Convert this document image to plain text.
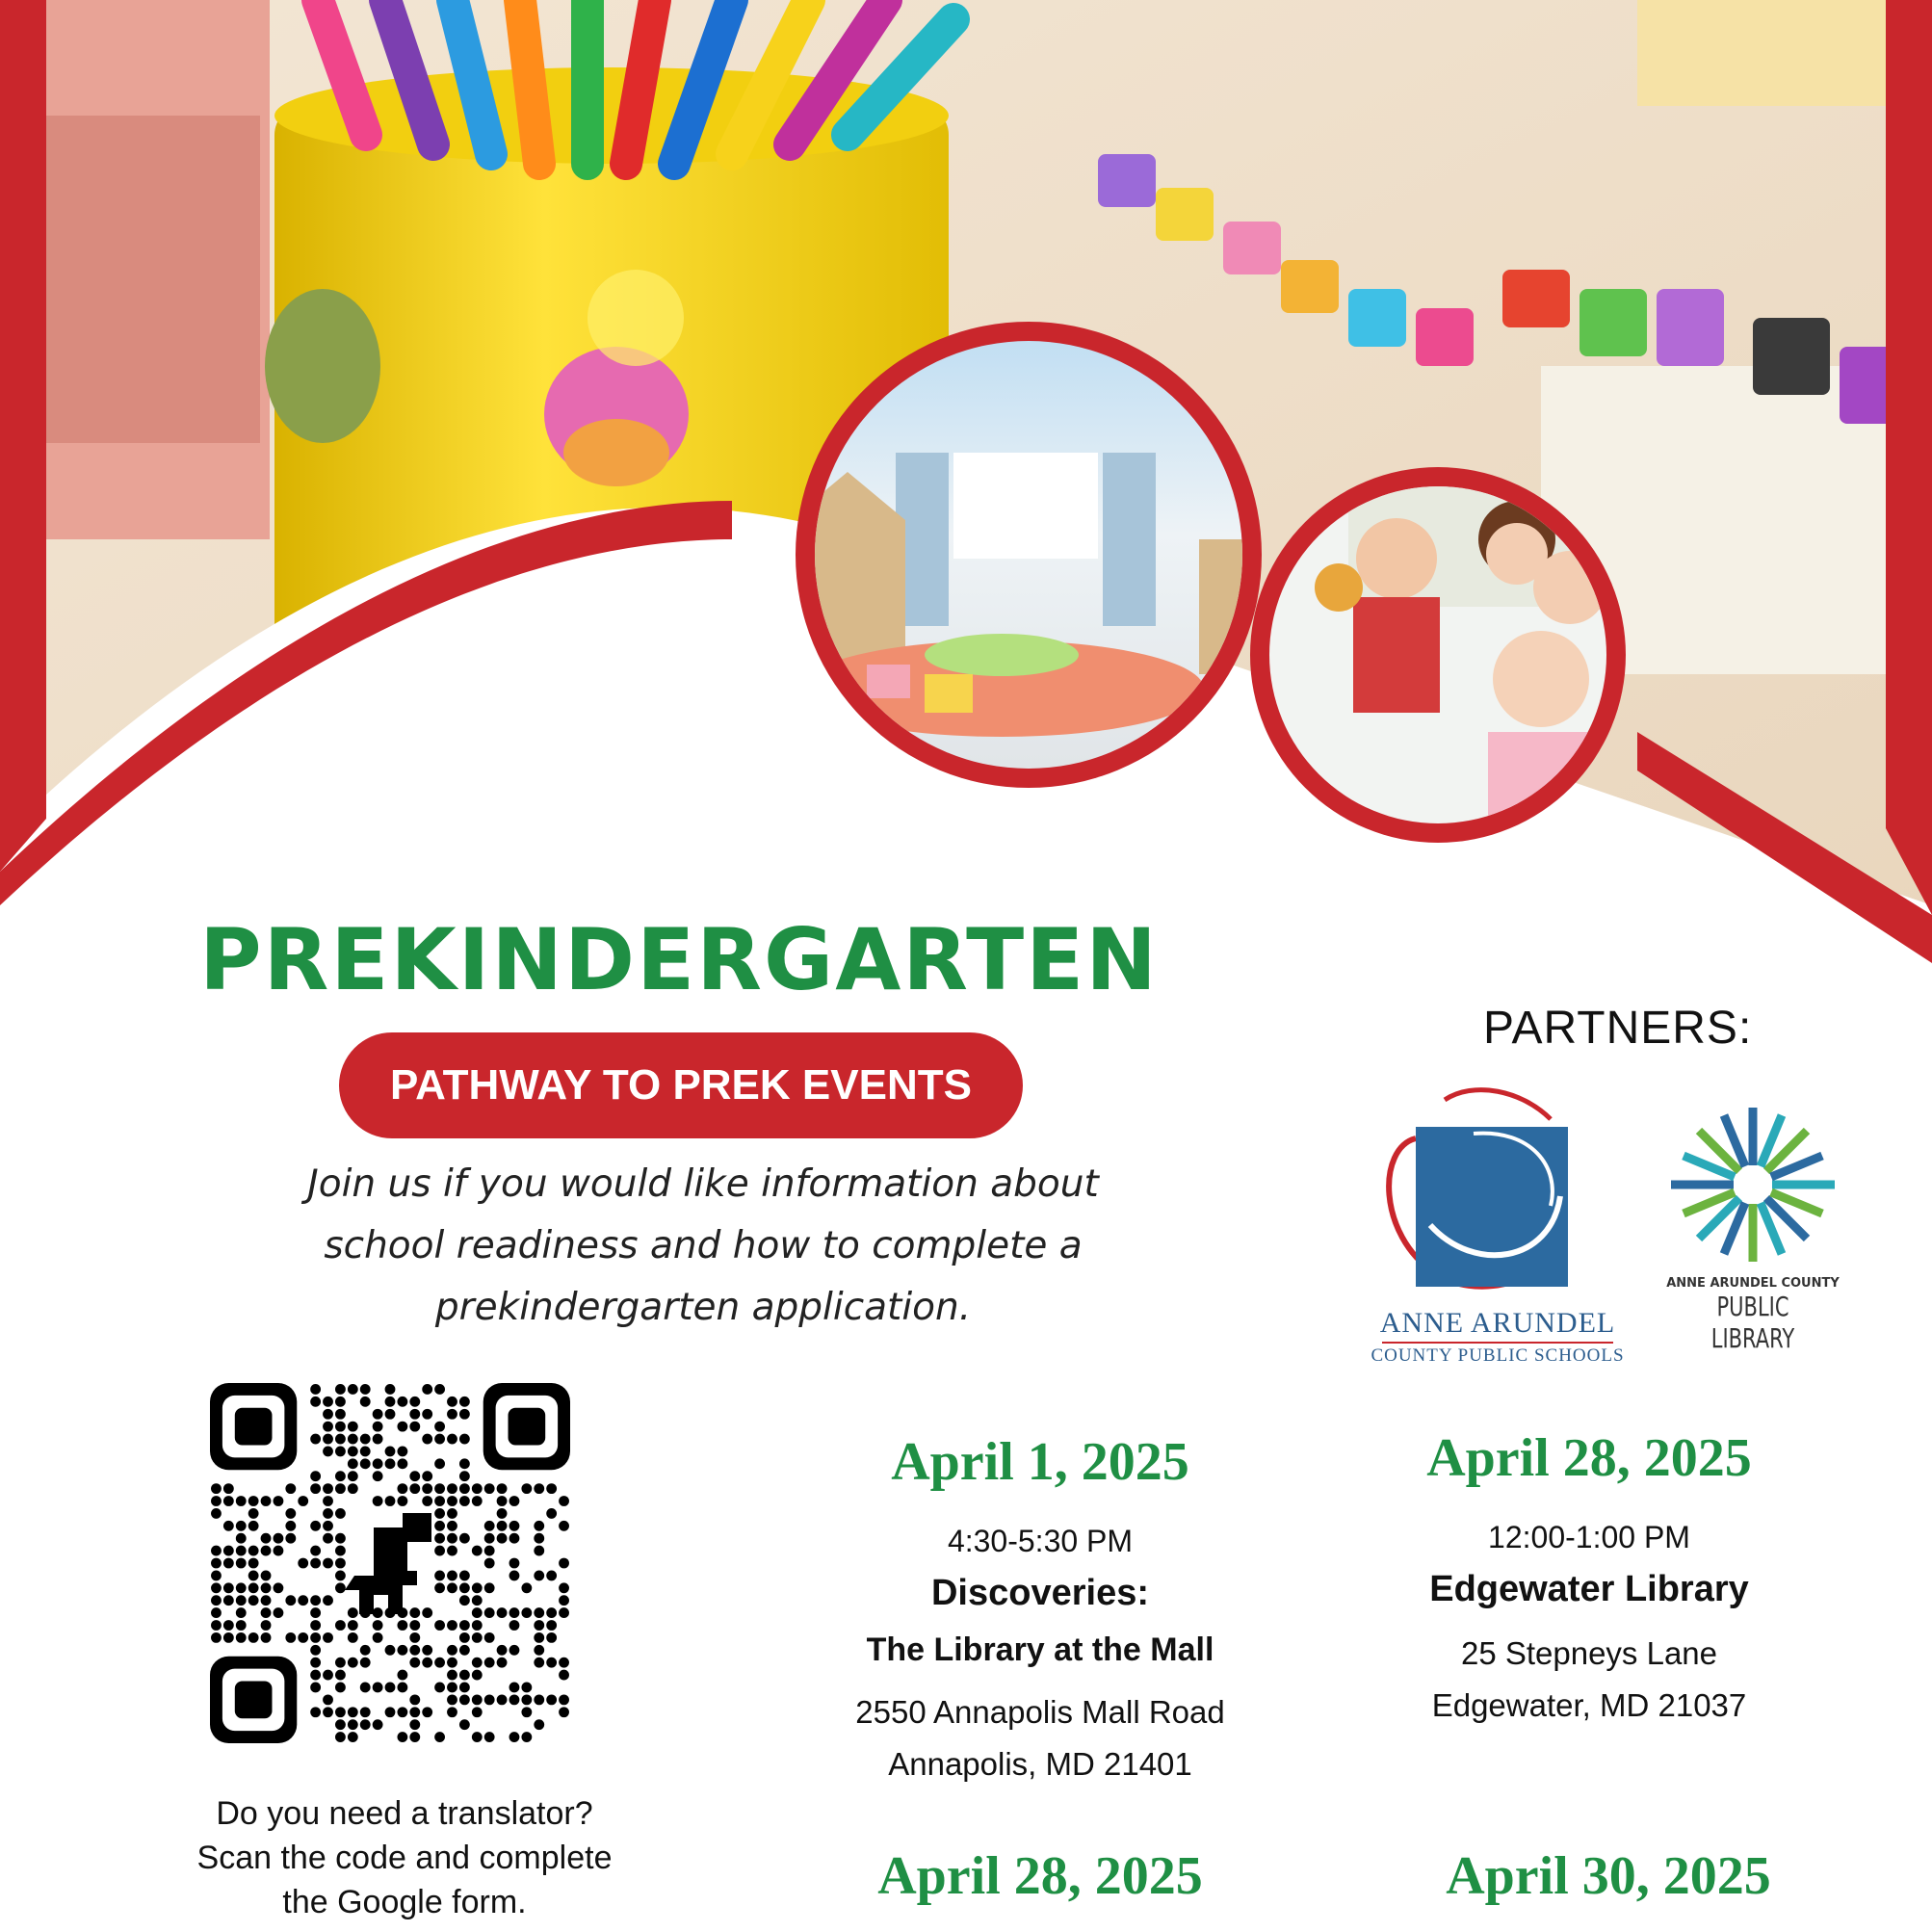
PREKINDERGARTEN
PATHWAY TO PREK EVENTS
Join us if you would like information about
school readiness and how to complete a
prekindergarten application.
PARTNERS:
ANNE ARUNDEL
COUNTY PUBLIC SCHOOLS
ANNE ARUNDEL COUNTY
PUBLIC LIBRARY
Do you need a translator?
Scan the code and complete
the Google form.
April 1, 2025
4:30-5:30 PM
Discoveries:
The Library at the Mall
2550 Annapolis Mall Road
Annapolis, MD 21401
April 28, 2025
12:00-1:00 PM
Edgewater Library
25 Stepneys Lane
Edgewater, MD 21037
April 28, 2025	April 30, 2025
